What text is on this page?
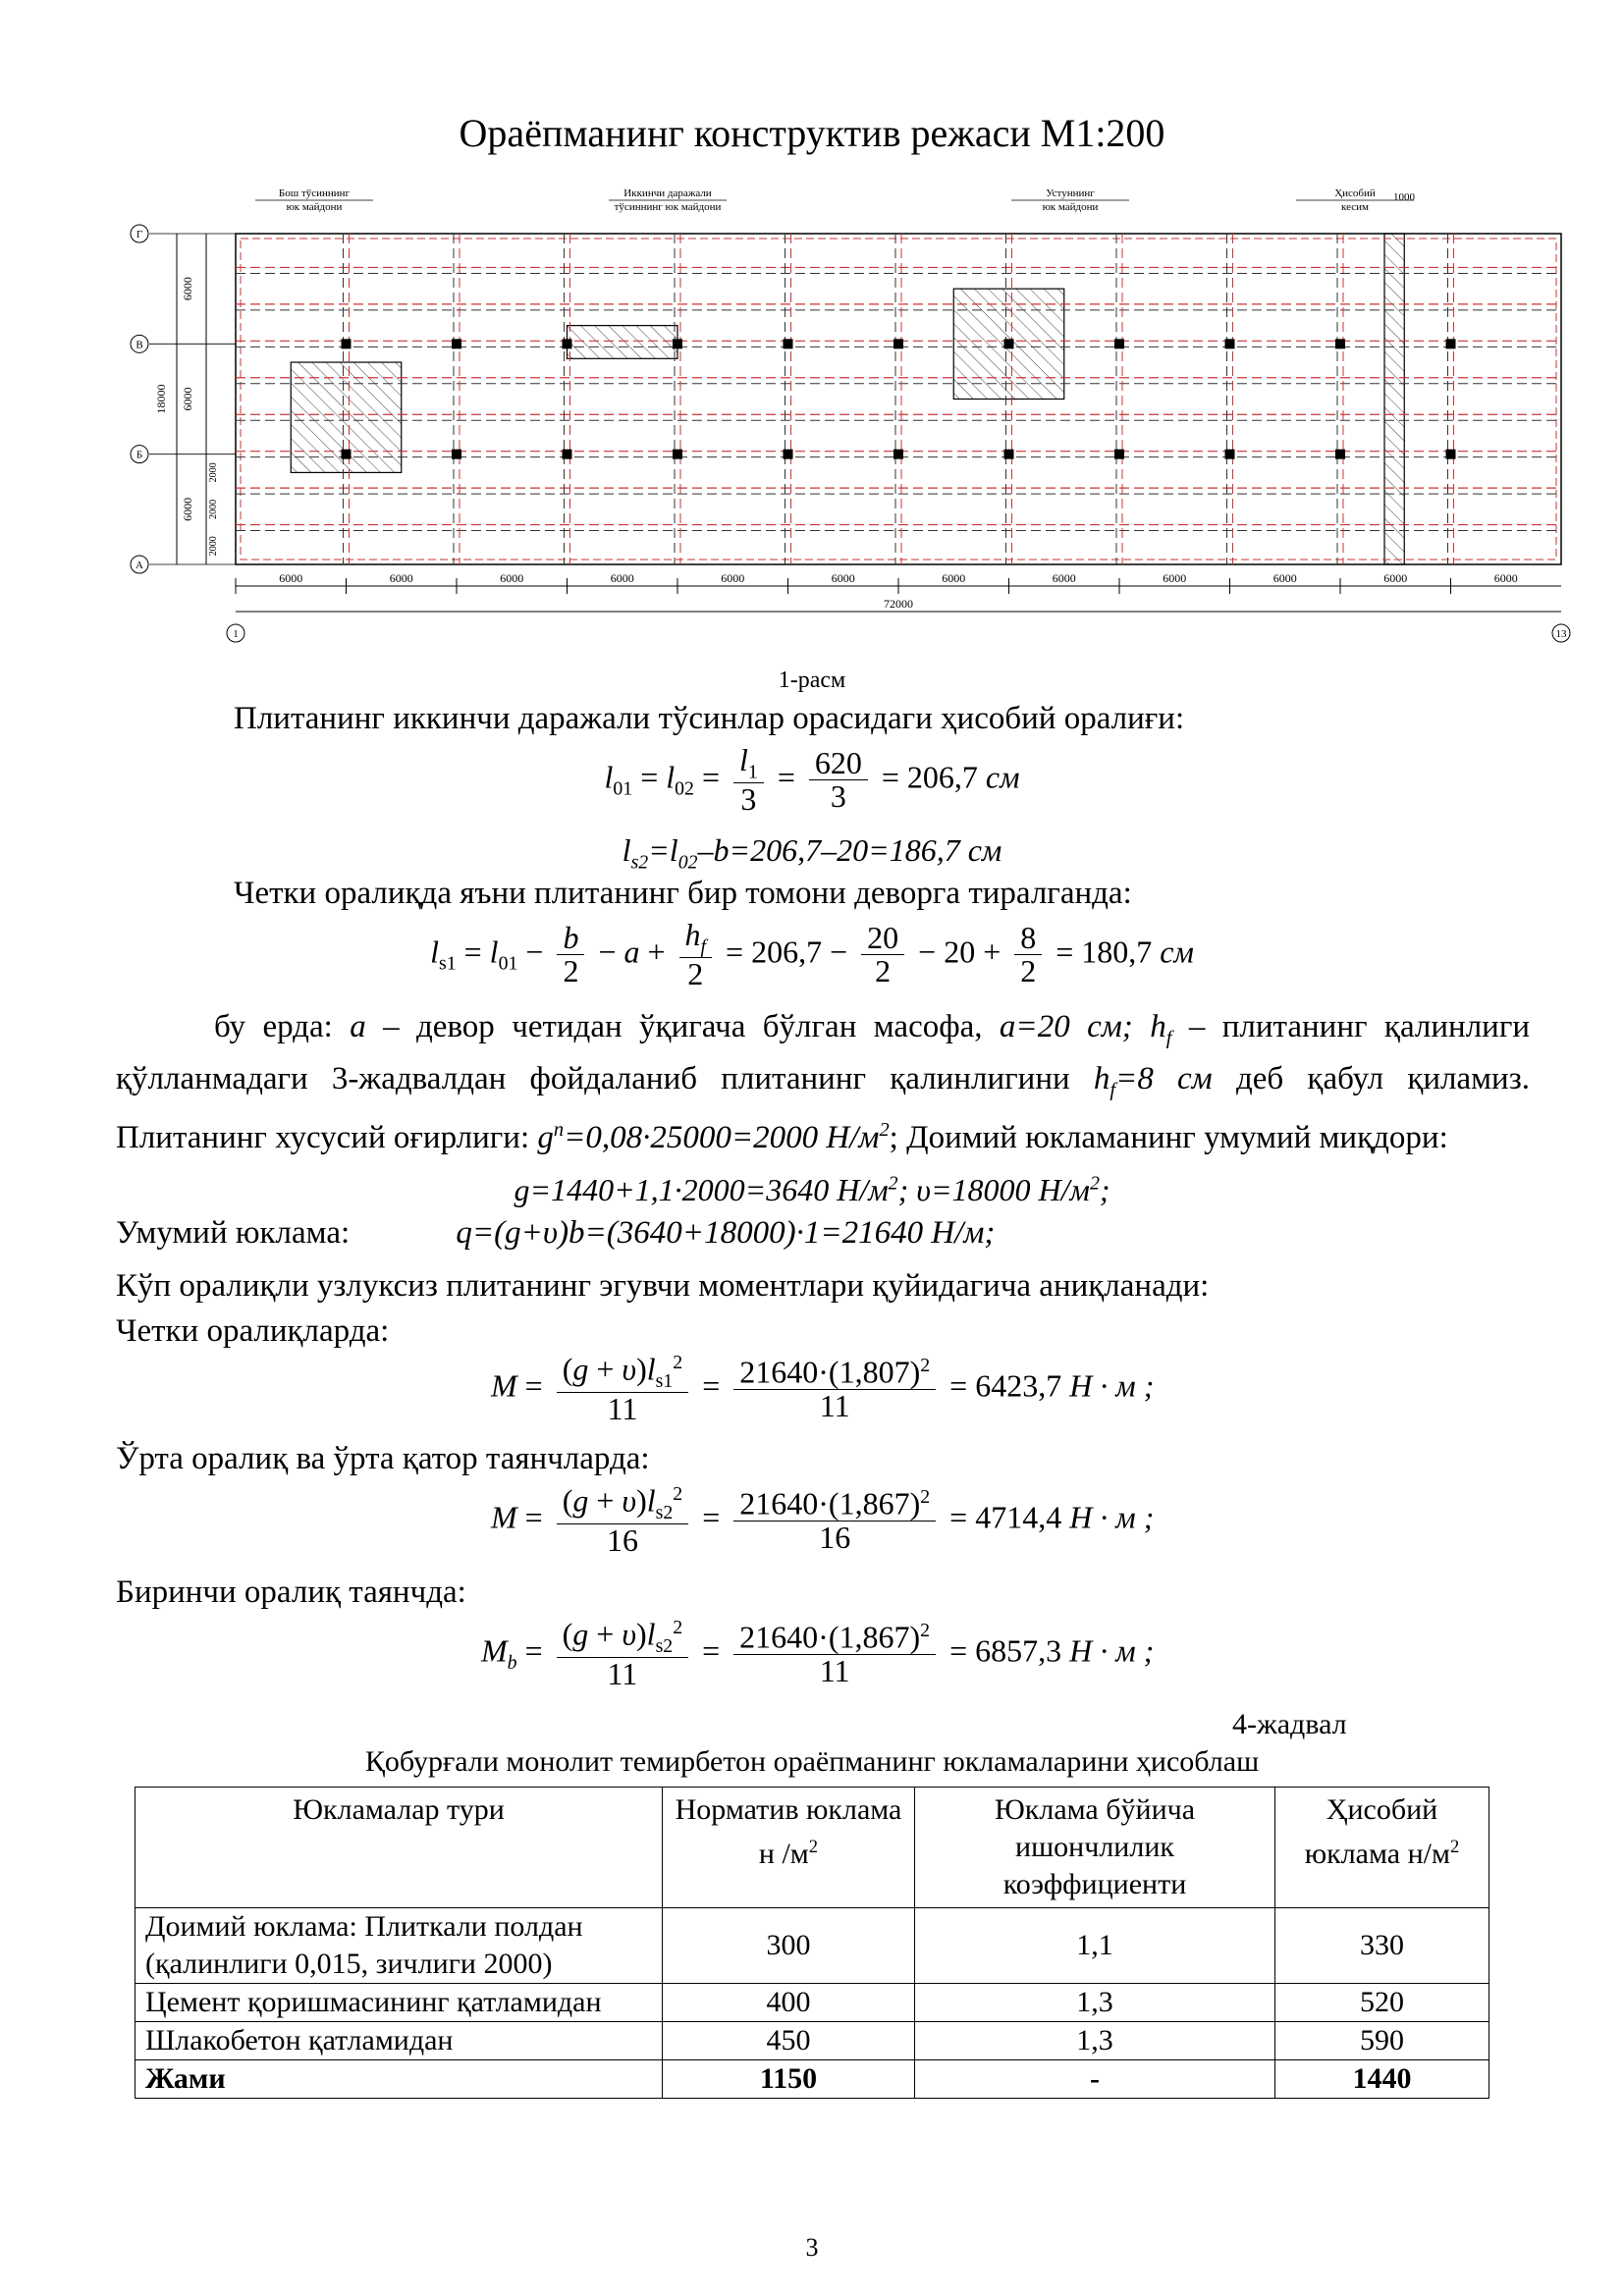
Ораёпманинг конструктив режаси М1:200
Г
В
Б
А
6000
6000
6000
2000
2000
2000
18000
6000	6000	6000	6000	6000	6000	6000	6000	6000	6000	6000	6000
72000
1	13
Бош тўсиннинг
юк майдони
Иккинчи даражали
тўсиннинг юк майдони
Устуннинг
юк майдони
Ҳисобий
кесим
1000
1-расм
Плитанинг иккинчи даражали тўсинлар орасидаги ҳисобий оралиғи:
$l_{01} = l_{02} = \frac{l_1}{3} = \frac{620}{3} = 206,7$ см
$l_{s2}=l_{02}-b=206,7-20=186,7$ см
Четки оралиқда яъни плитанинг бир томони деворга тиралганда:
$l_{s1} = l_{01} - \frac{b}{2} - a + \frac{h_f}{2} = 206,7 - \frac{20}{2} - 20 + \frac{8}{2} = 180,7$ см
бу ерда: a – девор четидан ўқигача бўлган масофа, a=20 см; $h_f$ – плитанинг қалинлиги қўлланмадаги 3-жадвалдан фойдаланиб плитанинг қалинлигини $h_f=8$ см деб қабул қиламиз. Плитанинг хусусий оғирлиги: $g^n=0,08\cdot 25000=2000$ $Н/м^2$; Доимий юкламанинг умумий миқдори:
g=1440+1,1·2000=3640 $Н/м^2$; υ=18000 $Н/м^2$;
Умумий юклама:	q=(g+υ)b=(3640+18000)·1=21640 Н/м;
Кўп оралиқли узлуксиз плитанинг эгувчи моментлари қуйидагича аниқланади:
Четки оралиқларда:
$M = \frac{(g + \upsilon)l_{s1}^2}{11} = \frac{21640\cdot(1,807)^2}{11} = 6423,7$ Н · м ;
Ўрта оралиқ ва ўрта қатор таянчларда:
$M = \frac{(g + \upsilon)l_{s2}^2}{16} = \frac{21640\cdot(1,867)^2}{16} = 4714,4$ Н · м ;
Биринчи оралиқ таянчда:
$M_b = \frac{(g + \upsilon)l_{s2}^2}{11} = \frac{21640\cdot(1,867)^2}{11} = 6857,3$ Н · м ;
4-жадвал
Қобурғали монолит темирбетон ораёпманинг юкламаларини ҳисоблаш
Юкламалар тури	Норматив юклама н $/м^2$	Юклама бўйича ишончлилик коэффициенти	Ҳисобий юклама $н/м^2$
Доимий юклама: Плиткали полдан (қалинлиги 0,015, зичлиги 2000)	300	1,1	330
Цемент қоришмасининг қатламидан	400	1,3	520
Шлакобетон қатламидан	450	1,3	590
Жами	1150	-	1440
3
